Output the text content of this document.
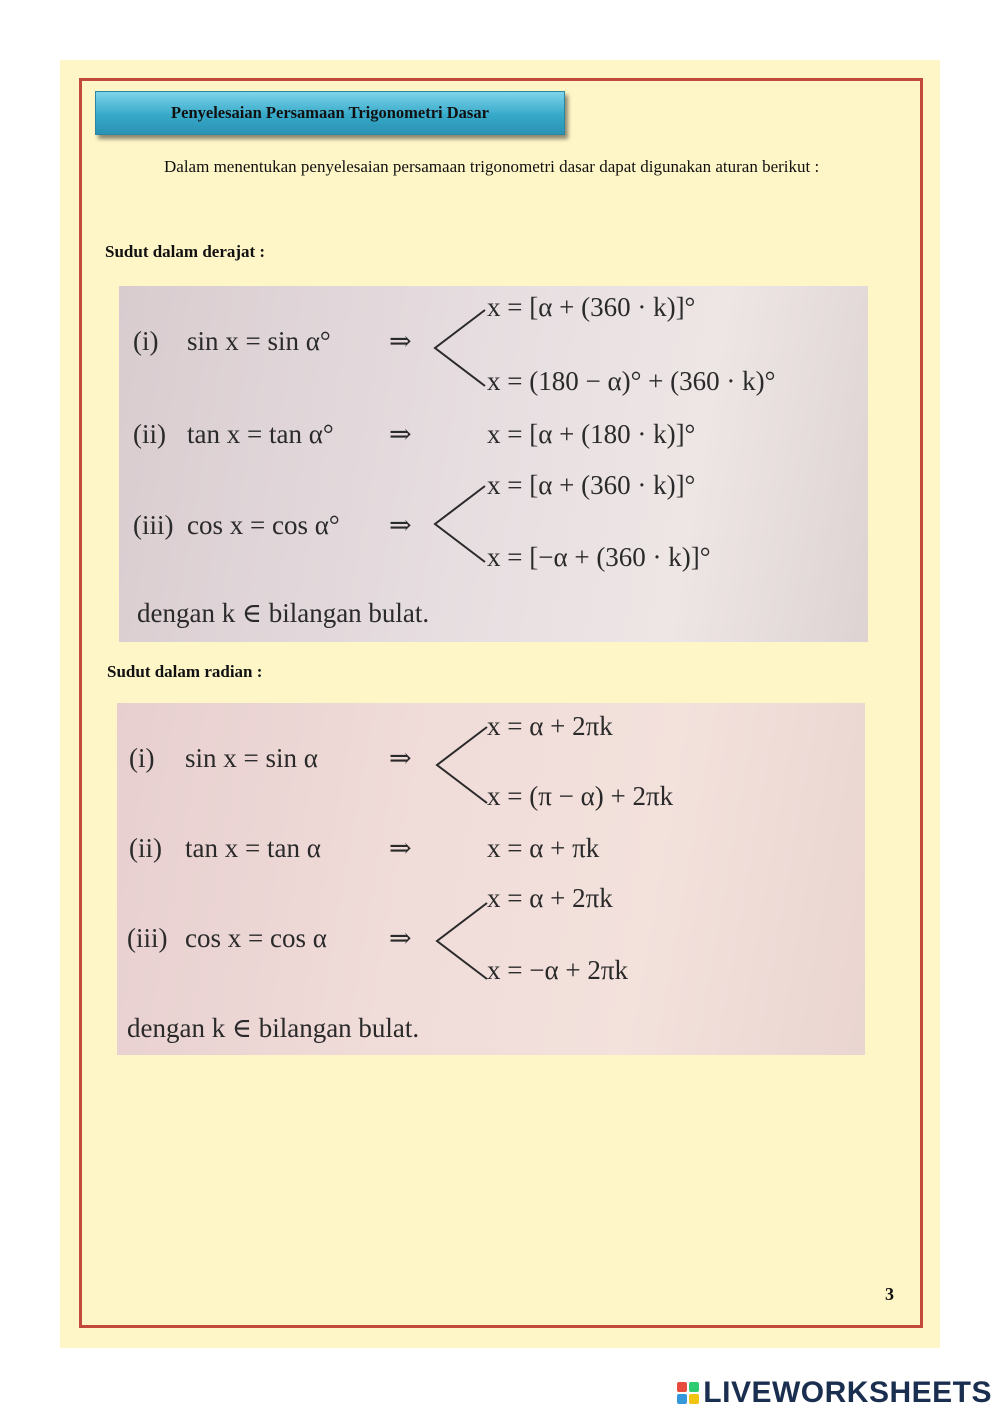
Penyelesaian Persamaan Trigonometri Dasar
Dalam menentukan penyelesaian persamaan trigonometri dasar dapat digunakan aturan berikut :
Sudut dalam derajat :
(i) sin x = sin α° ⇒
x = [α + (360 · k)]°
x = (180 − α)° + (360 · k)°
(ii) tan x = tan α° ⇒	x = [α + (180 · k)]°
(iii) cos x = cos α° ⇒
x = [α + (360 · k)]°
x = [−α + (360 · k)]°
dengan k ∈ bilangan bulat.
Sudut dalam radian :
(i) sin x = sin α	⇒
x = α + 2πk
x = (π − α) + 2πk
(ii) tan x = tan α	⇒	x = α + πk
(iii) cos x = cos α ⇒
x = α + 2πk
x = −α + 2πk
dengan k ∈ bilangan bulat.
3
LIVEWORKSHEETS
